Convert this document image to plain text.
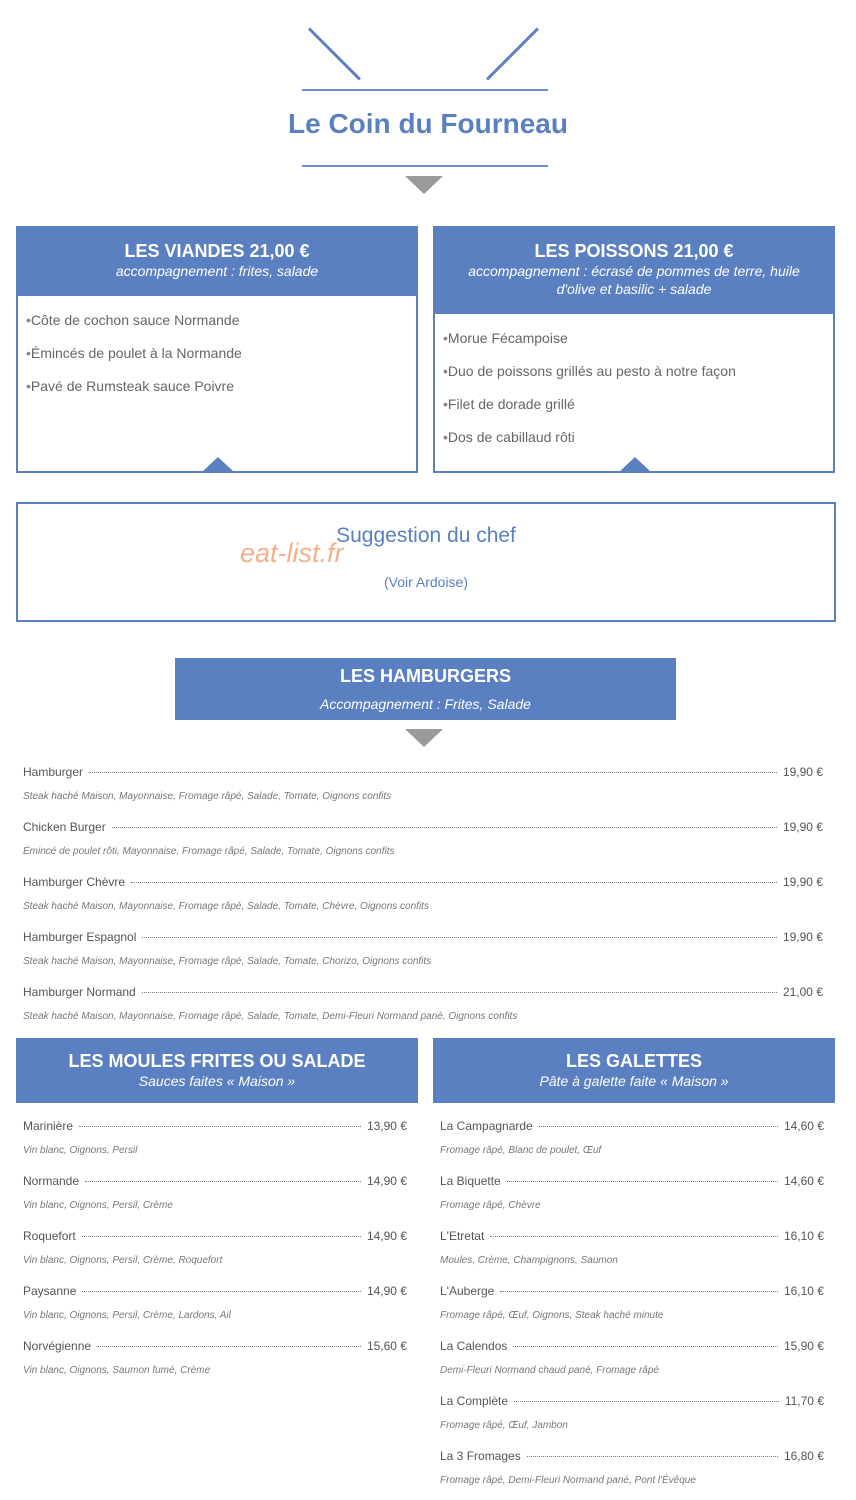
Le Coin du Fourneau
LES VIANDES 21,00 €
accompagnement : frites, salade
• Côte de cochon sauce Normande
• Émincés de poulet à la Normande
• Pavé de Rumsteak sauce Poivre
LES POISSONS 21,00 €
accompagnement : écrasé de pommes de terre, huile d'olive et basilic + salade
• Morue Fécampoise
• Duo de poissons grillés au pesto à notre façon
• Filet de dorade grillé
• Dos de cabillaud rôti
Suggestion du chef
(Voir Ardoise)
eat-list.fr
LES HAMBURGERS
Accompagnement : Frites, Salade
Hamburger	19,90 €
Steak haché Maison, Mayonnaise, Fromage râpé, Salade, Tomate, Oignons confits
Chicken Burger	19,90 €
Émincé de poulet rôti, Mayonnaise, Fromage râpé, Salade, Tomate, Oignons confits
Hamburger Chèvre	19,90 €
Steak haché Maison, Mayonnaise, Fromage râpé, Salade, Tomate, Chèvre, Oignons confits
Hamburger Espagnol	19,90 €
Steak haché Maison, Mayonnaise, Fromage râpé, Salade, Tomate, Chorizo, Oignons confits
Hamburger Normand	21,00 €
Steak haché Maison, Mayonnaise, Fromage râpé, Salade, Tomate, Demi-Fleuri Normand pané, Oignons confits
LES MOULES FRITES OU SALADE
Sauces faites « Maison »
LES GALETTES
Pâte à galette faite « Maison »
Marinière	13,90 €
Vin blanc, Oignons, Persil
Normande	14,90 €
Vin blanc, Oignons, Persil, Crème
Roquefort	14,90 €
Vin blanc, Oignons, Persil, Crème, Roquefort
Paysanne	14,90 €
Vin blanc, Oignons, Persil, Crème, Lardons, Ail
Norvégienne	15,60 €
Vin blanc, Oignons, Saumon fumé, Crème
La Campagnarde	14,60 €
Fromage râpé, Blanc de poulet, Œuf
La Biquette	14,60 €
Fromage râpé, Chèvre
L'Etretat	16,10 €
Moules, Crème, Champignons, Saumon
L'Auberge	16,10 €
Fromage râpé, Œuf, Oignons, Steak haché minute
La Calendos	15,90 €
Demi-Fleuri Normand chaud pané, Fromage râpé
La Complète	11,70 €
Fromage râpé, Œuf, Jambon
La 3 Fromages	16,80 €
Fromage râpé, Demi-Fleuri Normand pané, Pont l'Évêque
